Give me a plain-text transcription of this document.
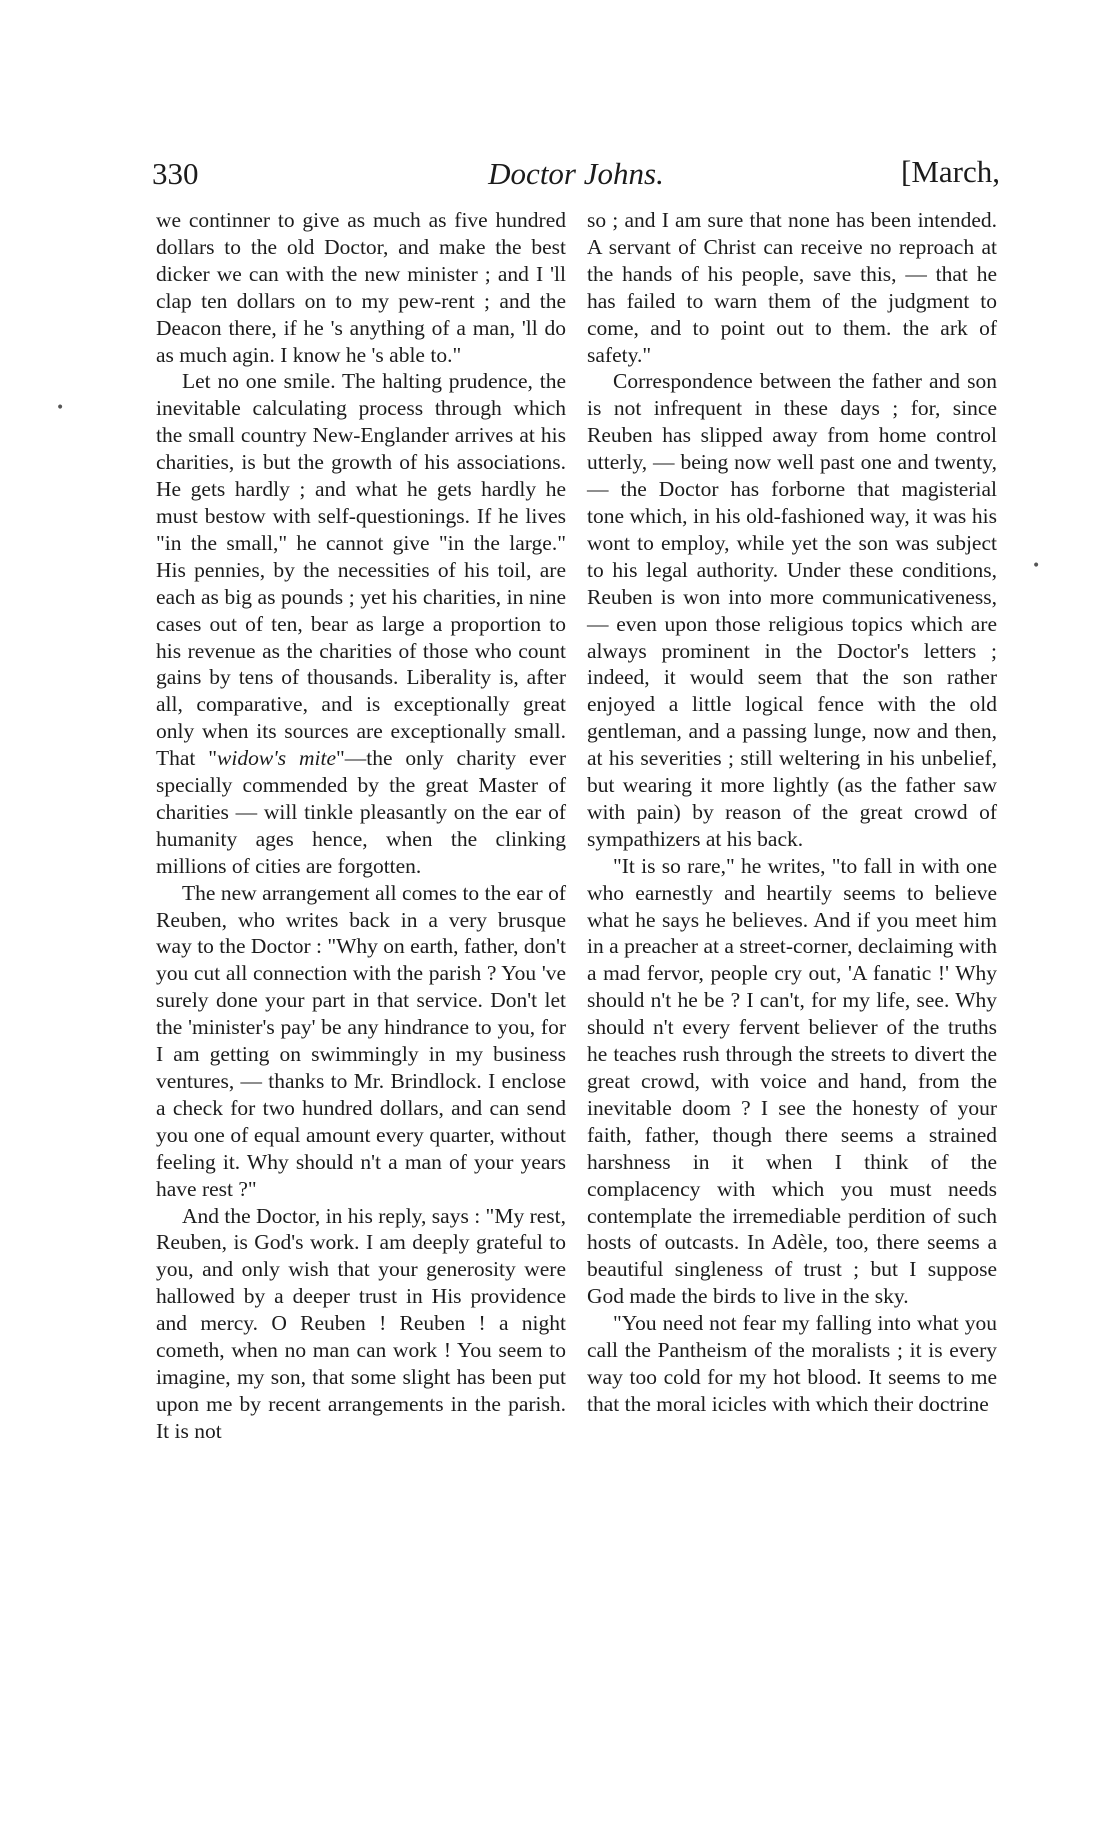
330	Doctor Johns.	[March,

we continner to give as much as five hundred dollars to the old Doctor, and make the best dicker we can with the new minister ; and I 'll clap ten dollars on to my pew-rent ; and the Deacon there, if he 's anything of a man, 'll do as much agin. I know he 's able to."

Let no one smile. The halting prudence, the inevitable calculating process through which the small country New-Englander arrives at his charities, is but the growth of his associations. He gets hardly ; and what he gets hardly he must bestow with self-questionings. If he lives "in the small," he cannot give "in the large." His pennies, by the necessities of his toil, are each as big as pounds ; yet his charities, in nine cases out of ten, bear as large a proportion to his revenue as the charities of those who count gains by tens of thousands. Liberality is, after all, comparative, and is exceptionally great only when its sources are exceptionally small. That "widow's mite"—the only charity ever specially commended by the great Master of charities — will tinkle pleasantly on the ear of humanity ages hence, when the clinking millions of cities are forgotten.

The new arrangement all comes to the ear of Reuben, who writes back in a very brusque way to the Doctor : "Why on earth, father, don't you cut all connection with the parish ? You 've surely done your part in that service. Don't let the 'minister's pay' be any hindrance to you, for I am getting on swimmingly in my business ventures, — thanks to Mr. Brindlock. I enclose a check for two hundred dollars, and can send you one of equal amount every quarter, without feeling it. Why should n't a man of your years have rest ?"

And the Doctor, in his reply, says : "My rest, Reuben, is God's work. I am deeply grateful to you, and only wish that your generosity were hallowed by a deeper trust in His providence and mercy. O Reuben ! Reuben ! a night cometh, when no man can work ! You seem to imagine, my son, that some slight has been put upon me by recent arrangements in the parish. It is not

so ; and I am sure that none has been intended. A servant of Christ can receive no reproach at the hands of his people, save this, — that he has failed to warn them of the judgment to come, and to point out to them. the ark of safety."

Correspondence between the father and son is not infrequent in these days ; for, since Reuben has slipped away from home control utterly, — being now well past one and twenty, — the Doctor has forborne that magisterial tone which, in his old-fashioned way, it was his wont to employ, while yet the son was subject to his legal authority. Under these conditions, Reuben is won into more communicativeness, — even upon those religious topics which are always prominent in the Doctor's letters ; indeed, it would seem that the son rather enjoyed a little logical fence with the old gentleman, and a passing lunge, now and then, at his severities ; still weltering in his unbelief, but wearing it more lightly (as the father saw with pain) by reason of the great crowd of sympathizers at his back.

"It is so rare," he writes, "to fall in with one who earnestly and heartily seems to believe what he says he believes. And if you meet him in a preacher at a street-corner, declaiming with a mad fervor, people cry out, 'A fanatic !' Why should n't he be ? I can't, for my life, see. Why should n't every fervent believer of the truths he teaches rush through the streets to divert the great crowd, with voice and hand, from the inevitable doom ? I see the honesty of your faith, father, though there seems a strained harshness in it when I think of the complacency with which you must needs contemplate the irremediable perdition of such hosts of outcasts. In Adèle, too, there seems a beautiful singleness of trust ; but I suppose God made the birds to live in the sky.

"You need not fear my falling into what you call the Pantheism of the moralists ; it is every way too cold for my hot blood. It seems to me that the moral icicles with which their doctrine

•
•
